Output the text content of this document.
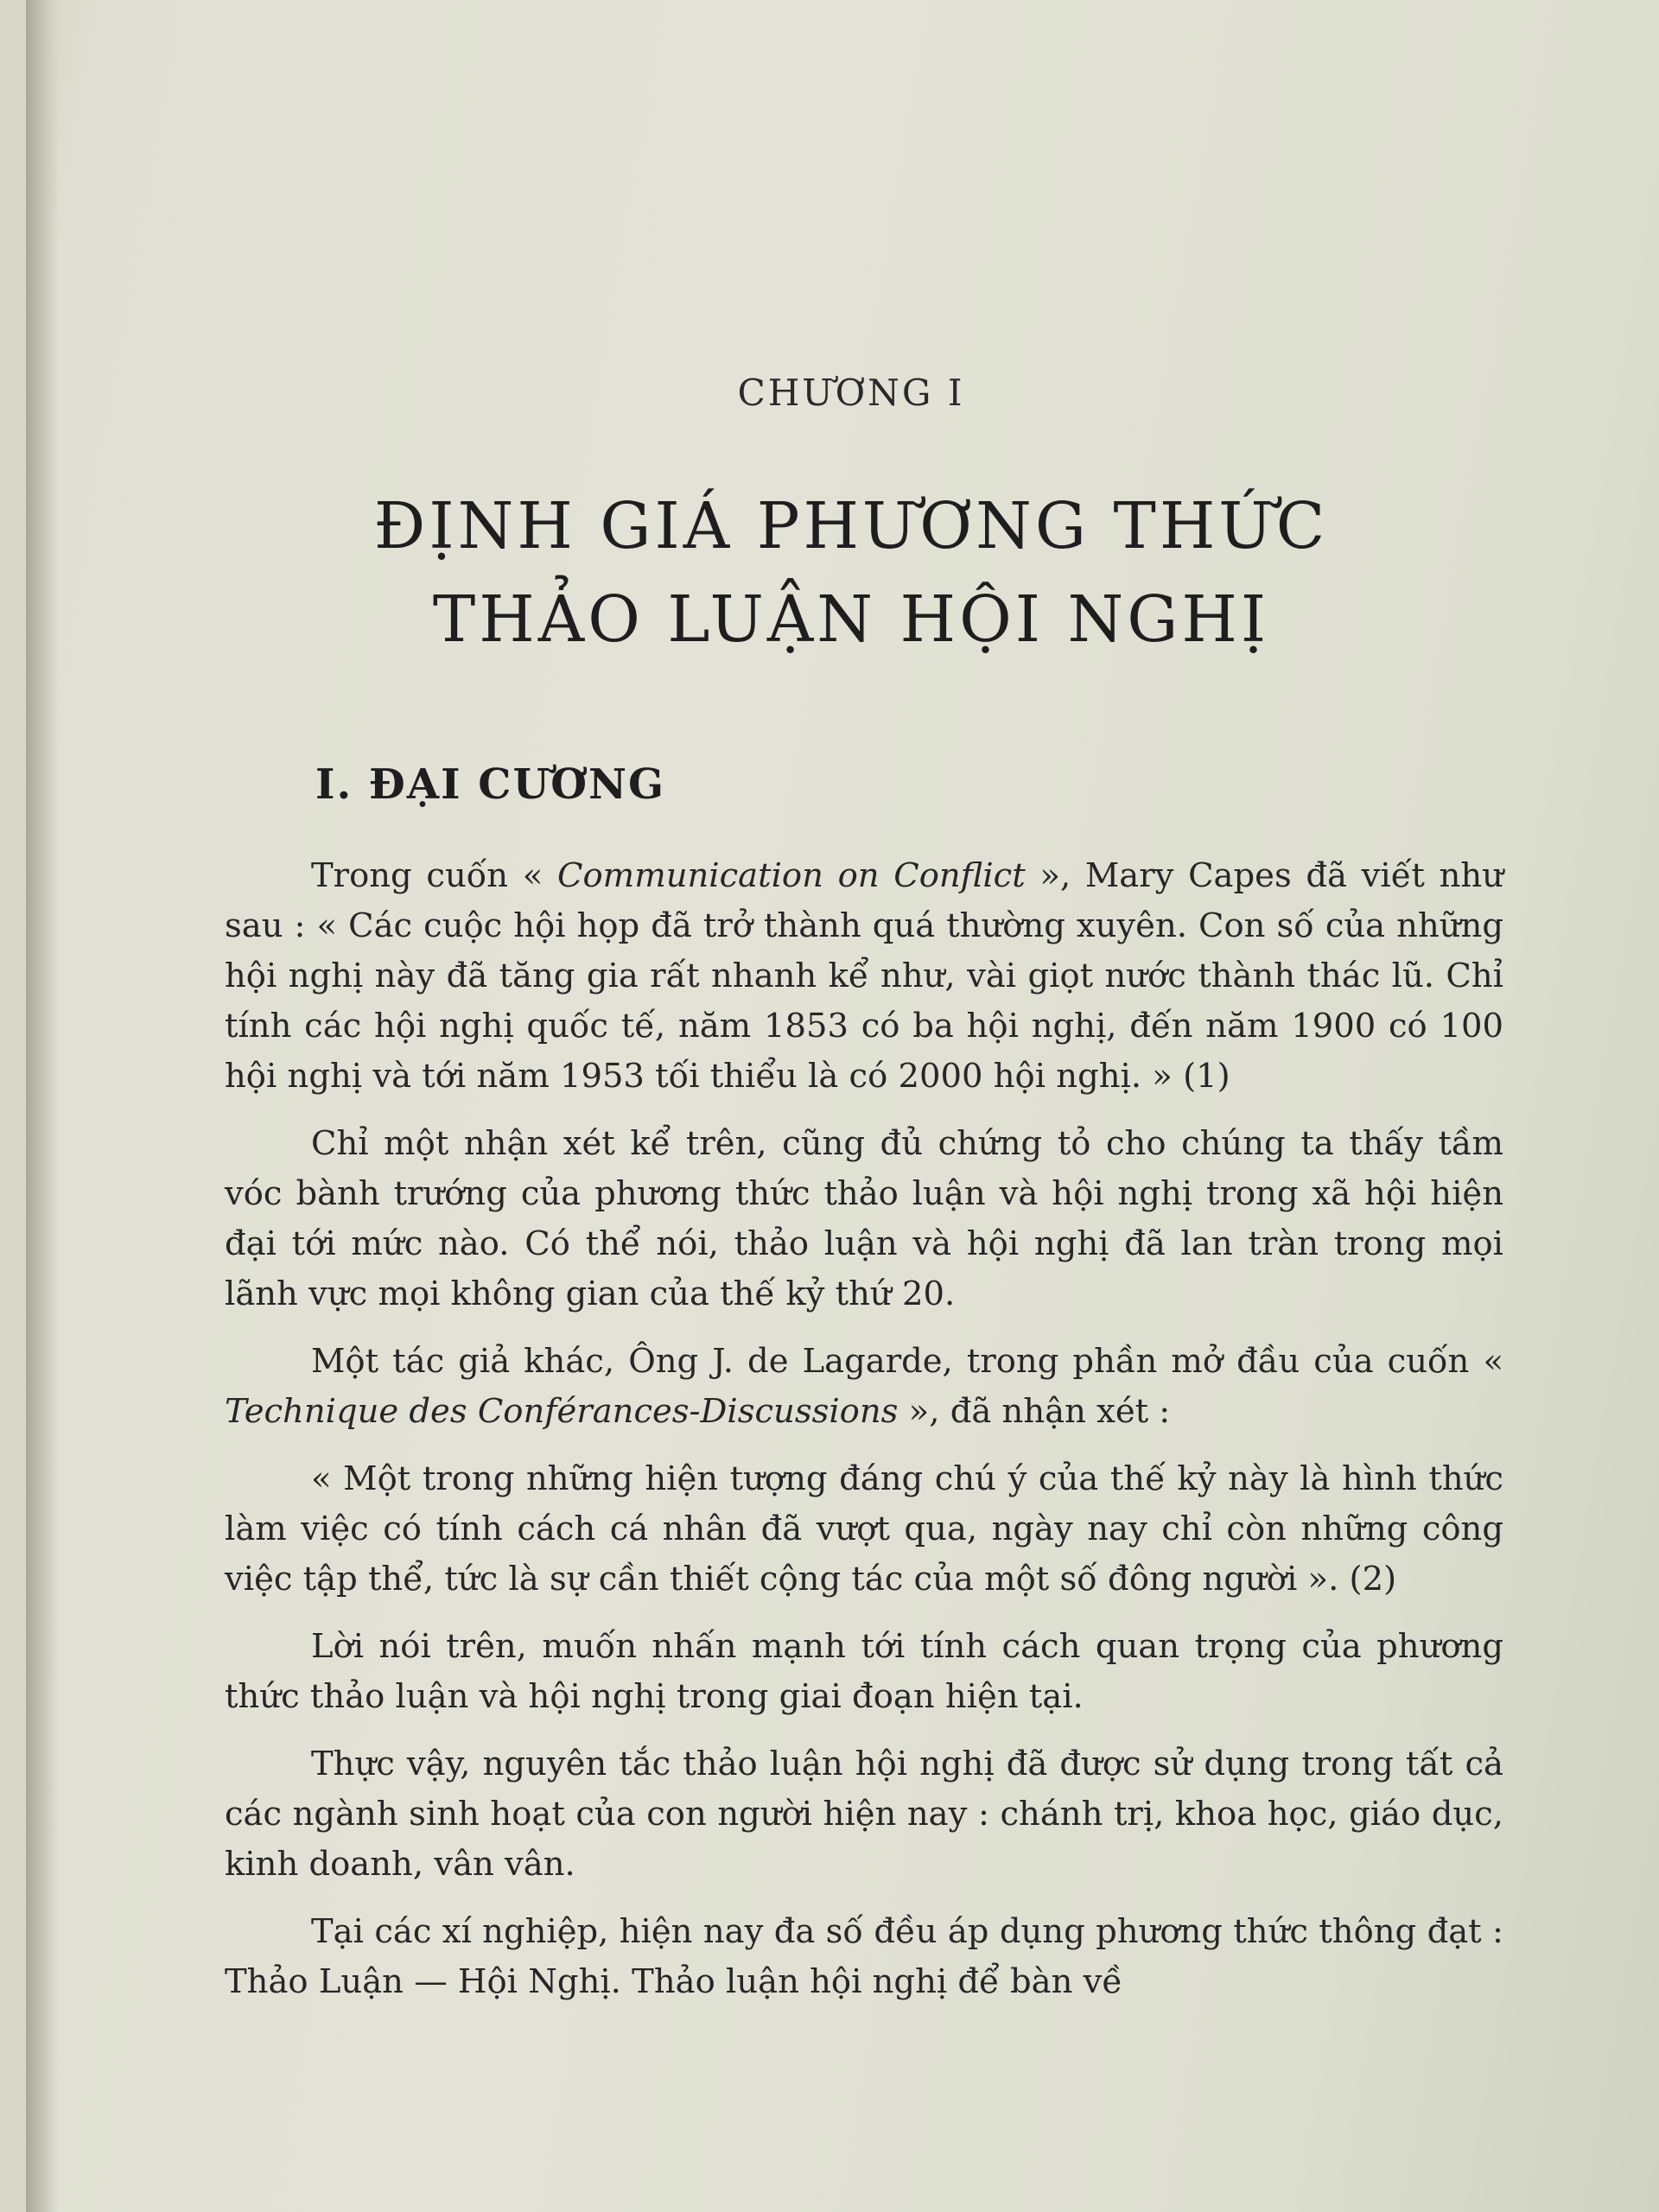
CHƯƠNG I
ĐỊNH GIÁ PHƯƠNG THỨC
THẢO LUẬN HỘI NGHỊ
I. ĐẠI CƯƠNG

Trong cuốn « Communication on Conflict », Mary Capes đã viết như sau : « Các cuộc hội họp đã trở thành quá thường xuyên. Con số của những hội nghị này đã tăng gia rất nhanh kể như, vài giọt nước thành thác lũ. Chỉ tính các hội nghị quốc tế, năm 1853 có ba hội nghị, đến năm 1900 có 100 hội nghị và tới năm 1953 tối thiểu là có 2000 hội nghị. » (1)

Chỉ một nhận xét kể trên, cũng đủ chứng tỏ cho chúng ta thấy tầm vóc bành trướng của phương thức thảo luận và hội nghị trong xã hội hiện đại tới mức nào. Có thể nói, thảo luận và hội nghị đã lan tràn trong mọi lãnh vực mọi không gian của thế kỷ thứ 20.

Một tác giả khác, Ông J. de Lagarde, trong phần mở đầu của cuốn « Technique des Conférances-Discussions », đã nhận xét :

« Một trong những hiện tượng đáng chú ý của thế kỷ này là hình thức làm việc có tính cách cá nhân đã vượt qua, ngày nay chỉ còn những công việc tập thể, tức là sự cần thiết cộng tác của một số đông người ». (2)

Lời nói trên, muốn nhấn mạnh tới tính cách quan trọng của phương thức thảo luận và hội nghị trong giai đoạn hiện tại.

Thực vậy, nguyên tắc thảo luận hội nghị đã được sử dụng trong tất cả các ngành sinh hoạt của con người hiện nay : chánh trị, khoa học, giáo dục, kinh doanh, vân vân.

Tại các xí nghiệp, hiện nay đa số đều áp dụng phương thức thông đạt : Thảo Luận — Hội Nghị. Thảo luận hội nghị để bàn về
